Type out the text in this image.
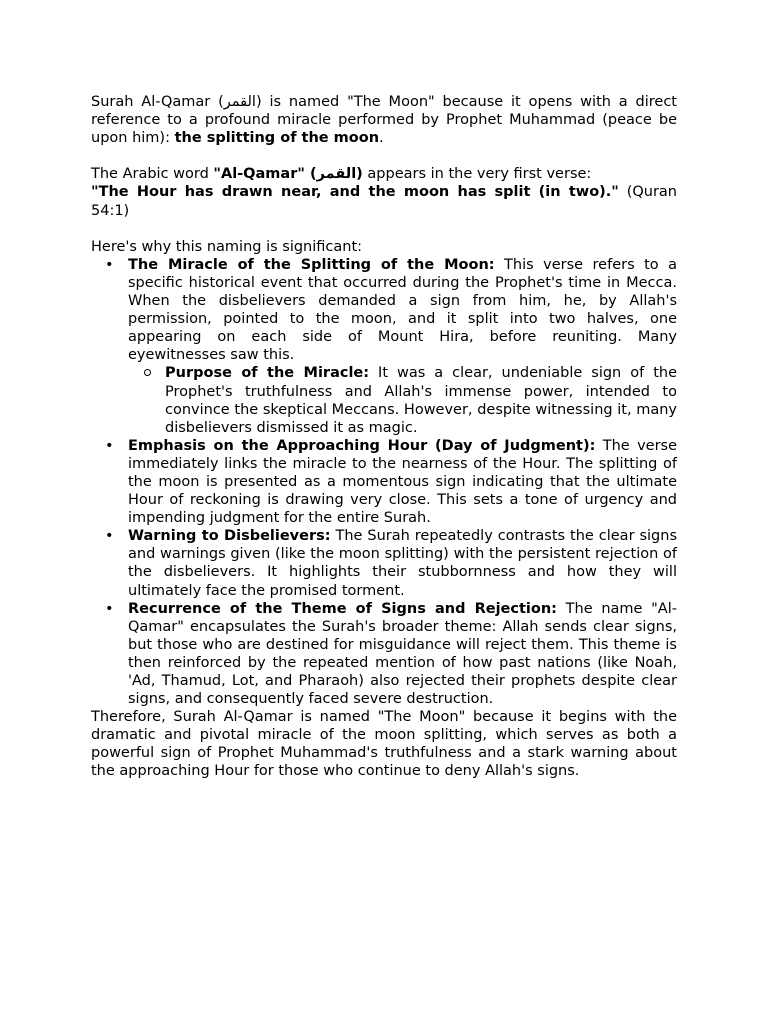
Surah Al-Qamar (القمر) is named "The Moon" because it opens with a direct reference to a profound miracle performed by Prophet Muhammad (peace be upon him): the splitting of the moon.

The Arabic word "Al-Qamar" (القمر) appears in the very first verse:

"The Hour has drawn near, and the moon has split (in two)." (Quran 54:1)

Here's why this naming is significant:

• The Miracle of the Splitting of the Moon: This verse refers to a specific historical event that occurred during the Prophet's time in Mecca. When the disbelievers demanded a sign from him, he, by Allah's permission, pointed to the moon, and it split into two halves, one appearing on each side of Mount Hira, before reuniting. Many eyewitnesses saw this.
Purpose of the Miracle: It was a clear, undeniable sign of the Prophet's truthfulness and Allah's immense power, intended to convince the skeptical Meccans. However, despite witnessing it, many disbelievers dismissed it as magic.
• Emphasis on the Approaching Hour (Day of Judgment): The verse immediately links the miracle to the nearness of the Hour. The splitting of the moon is presented as a momentous sign indicating that the ultimate Hour of reckoning is drawing very close. This sets a tone of urgency and impending judgment for the entire Surah.
• Warning to Disbelievers: The Surah repeatedly contrasts the clear signs and warnings given (like the moon splitting) with the persistent rejection of the disbelievers. It highlights their stubbornness and how they will ultimately face the promised torment.
• Recurrence of the Theme of Signs and Rejection: The name "Al-Qamar" encapsulates the Surah's broader theme: Allah sends clear signs, but those who are destined for misguidance will reject them. This theme is then reinforced by the repeated mention of how past nations (like Noah, 'Ad, Thamud, Lot, and Pharaoh) also rejected their prophets despite clear signs, and consequently faced severe destruction.

Therefore, Surah Al-Qamar is named "The Moon" because it begins with the dramatic and pivotal miracle of the moon splitting, which serves as both a powerful sign of Prophet Muhammad's truthfulness and a stark warning about the approaching Hour for those who continue to deny Allah's signs.
